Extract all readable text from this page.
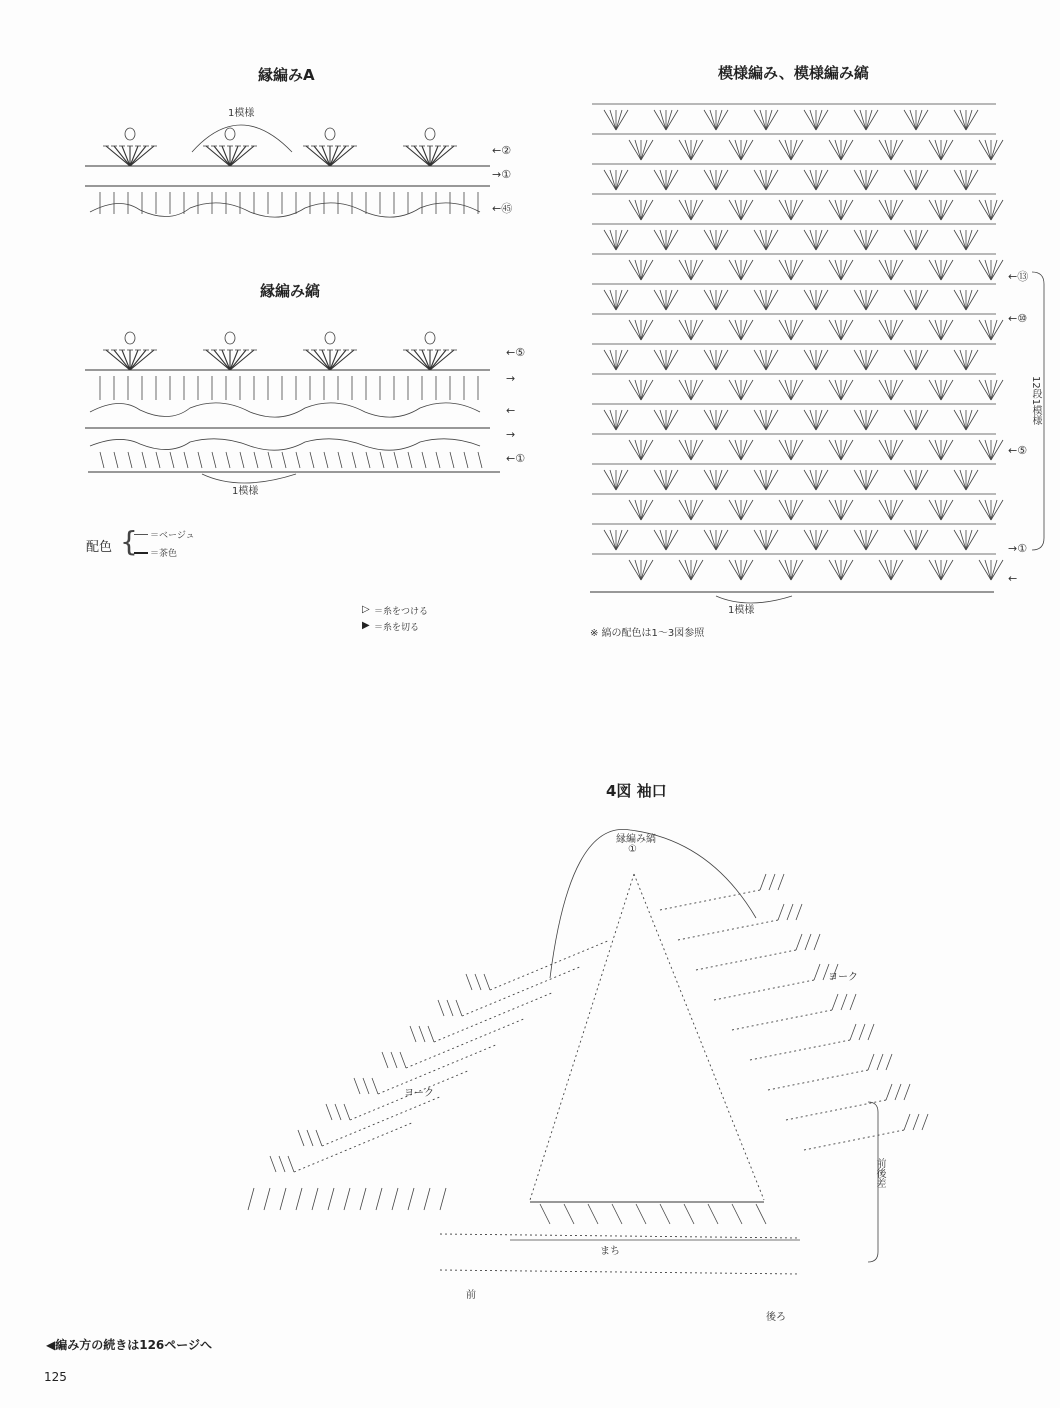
縁編みA
1模様
←②
→①
←㊺
縁編み縞
←⑤
→
←
→
←①
1模様
配色 { ＝ベージュ
＝茶色
▷ ＝糸をつける
▶ ＝糸を切る
模様編み、模様編み縞
←⑬
←⑩
←⑤
→①
←
12段1模様
1模様
※ 縞の配色は1～3図参照
4図 袖口
縁編み縞
①
ヨーク
ヨーク
前後差
まち
前
後ろ
◀編み方の続きは126ページへ
125
